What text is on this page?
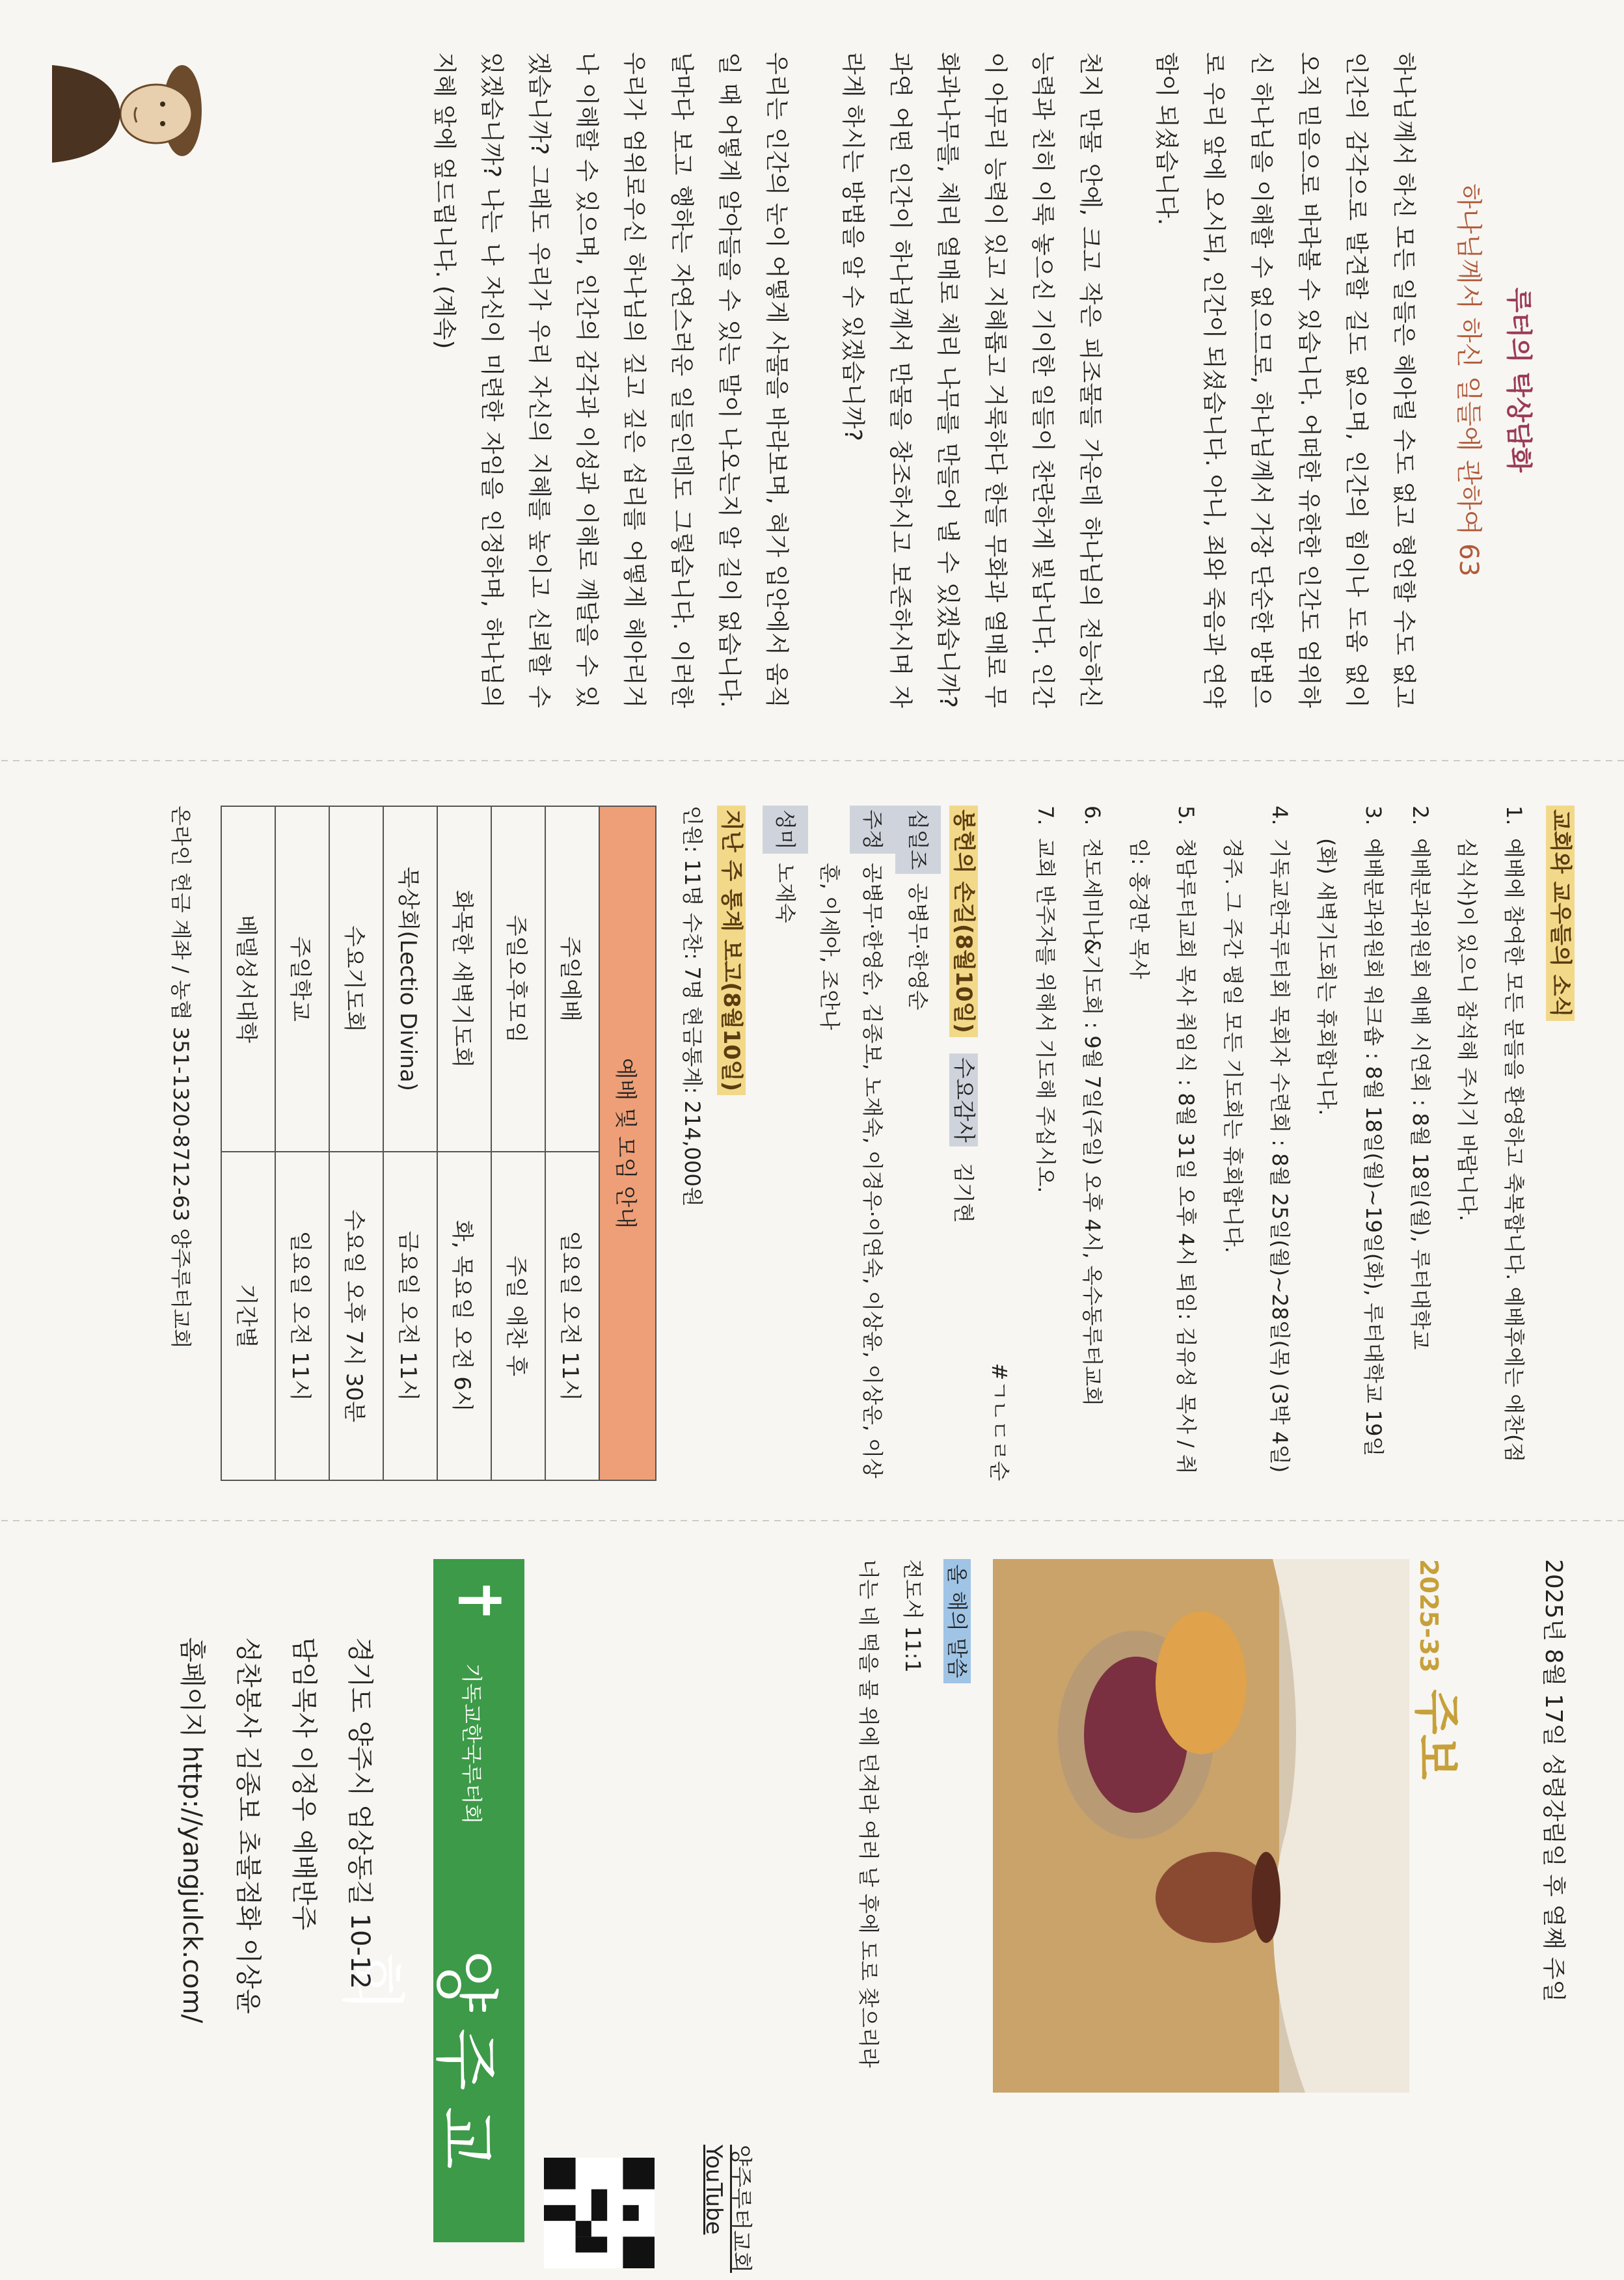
루터의 탁상담화
하나님께서 하신 일들에 관하여 63

하나님께서 하신 모든 일들은 헤아릴 수도 없고 형언할 수도 없고 인간의 감각으로 발견할 길도 없으며, 인간의 힘이나 도움 없이 오직 믿음으로 바라볼 수 있습니다. 어떠한 유한한 인간도 엄위하신 하나님을 이해할 수 없으므로, 하나님께서 가장 단순한 방법으로 우리 앞에 오시되, 인간이 되셨습니다. 아니, 죄와 죽음과 연약함이 되셨습니다.

천지 만물 안에, 크고 작은 피조물들 가운데 하나님의 전능하신 능력과 친히 이룩 놓으신 기이한 일들이 찬란하게 빛납니다. 인간이 아무리 능력이 있고 지혜롭고 거룩하다 한들 무화과 열매로 무화과나무를, 체리 열매로 체리 나무를 만들어 낼 수 있겠습니까? 과연 어떤 인간이 하나님께서 만물을 창조하시고 보존하시며 자라게 하시는 방법을 알 수 있겠습니까?

우리는 인간의 눈이 어떻게 사물을 바라보며, 혀가 입안에서 움직일 때 어떻게 알아들을 수 있는 말이 나오는지 알 길이 없습니다. 날마다 보고 행하는 자연스러운 일들인데도 그렇습니다. 이러한 우리가 엄위로우신 하나님의 깊고 깊은 섭리를 어떻게 헤아리거나 이해할 수 있으며, 인간의 감각과 이성과 이해로 깨달을 수 있겠습니까? 그래도 우리가 우리 자신의 지혜를 높이고 신뢰할 수 있겠습니까? 나는 나 자신이 미련한 자임을 인정하며, 하나님의 지혜 앞에 엎드립니다. (계속)

교회와 교우들의 소식
1.
예배에 참여한 모든 분들을 환영하고 축복합니다. 예배후에는 애찬(점심식사)이 있으니 참석해 주시기 바랍니다.
2.
예배분과위원회 예배 시연회 : 8월 18일(월), 루터대학교
3.
예배분과위원회 워크숍 : 8월 18일(월)~19일(화), 루터대학교 19일(화) 새벽기도회는 휴회합니다.
4.
기독교한국루터회 목회자 수련회 : 8월 25일(월)~28일(목) (3박 4일) 경주. 그 주간 평일 모든 기도회는 휴회합니다.
5.
청담루터교회 목사 취임식 : 8월 31일 오후 4시 퇴임: 김유성 목사 / 취임: 홍경만 목사
6.
전도세미나&기도회 : 9월 7일(주일) 오후 4시, 옥수동루터교회
7.
교회 반주자를 위해서 기도해 주십시오.
#ㄱㄴㄷㄹ순
봉헌의 손길(8월10일) 수요감사 김기현
십일조
공병무·한영순
주정
공병무·한영순, 김종보, 노재숙, 이경우·이연숙, 이상윤, 이상운, 이상훈, 이세아, 조안나
성미
노재숙
지난 주 통계 보고(8월10일)
인원: 11명 수찬: 7명 현금통계: 214,000원
예배 및 모임 안내	
주일예배	일요일 오전 11시
주일오후모임	주일 애찬 후
화목한 새벽기도회	화, 목요일 오전 6시
묵상회(Lectio Divina)	금요일 오전 11시
수요기도회	수요일 오후 7시 30분
주일학교	일요일 오전 11시
베델성서대학	기간별
온라인 헌금 계좌 / 농협 351-1320-8712-63 양주루터교회
2025년 8월 17일 성령강림일 후 열째 주일
2025-33 주보
올 해의 말씀
전도서 11:1
너는 네 떡을 물 위에 던져라 여러 날 후에 도로 찾으리라
양주루터교회 YouTube
✝
기독교한국루터회
양주교회
경기도 양주시 엄상동길 10-12
담임목사 이정우 예배반주
성찬봉사 김종보 초불점화 이상윤
홈페이지 http://yangjulck.com/
